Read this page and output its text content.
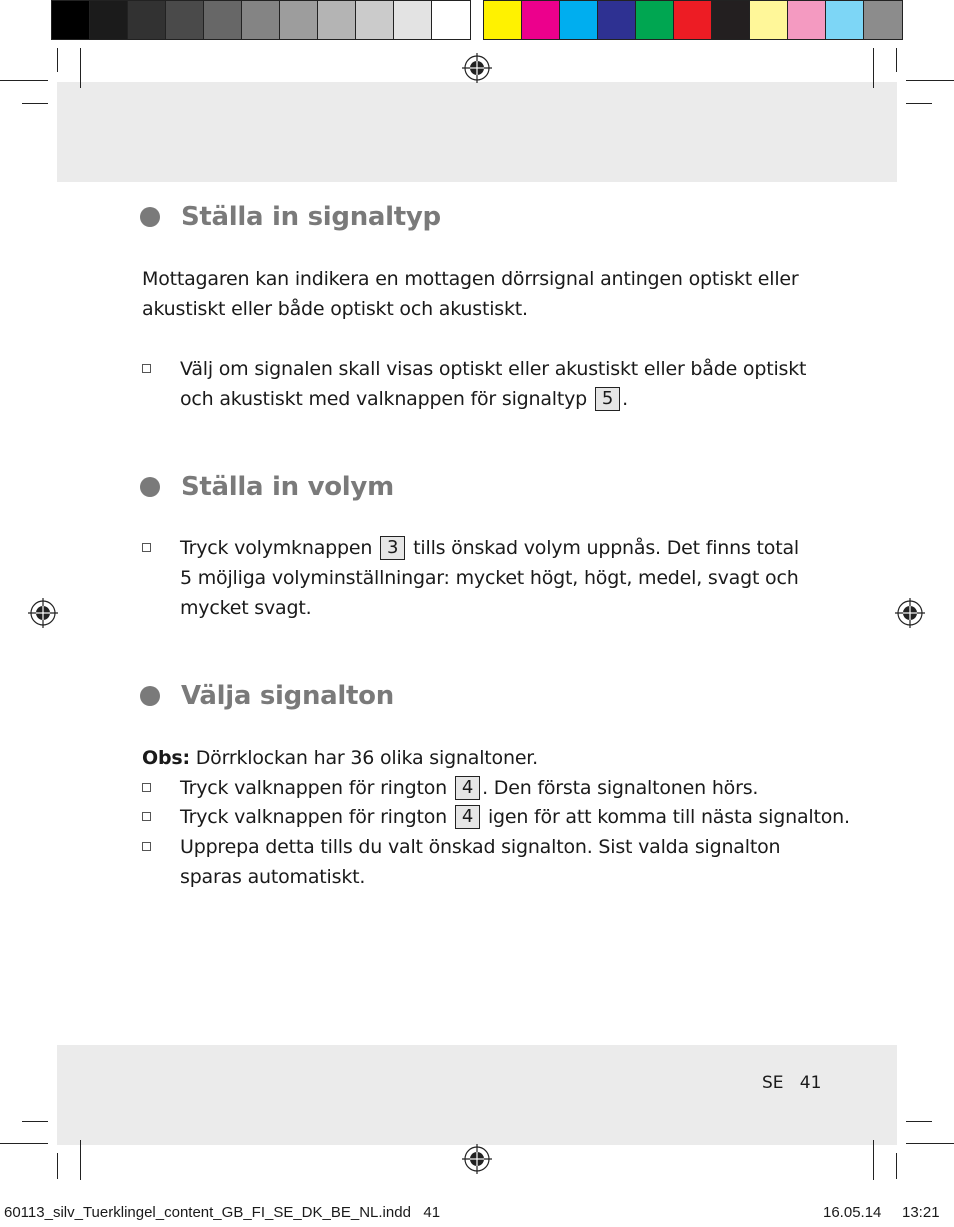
Ställa in signaltyp
Mottagaren kan indikera en mottagen dörrsignal antingen optiskt eller
akustiskt eller både optiskt och akustiskt.
Välj om signalen skall visas optiskt eller akustiskt eller både optiskt
och akustiskt med valknappen för signaltyp 5 .
Ställa in volym
Tryck volymknappen 3 tills önskad volym uppnås. Det finns total
5 möjliga volyminställningar: mycket högt, högt, medel, svagt och
mycket svagt.
Välja signalton
Obs: Dörrklockan har 36 olika signaltoner.
Tryck valknappen för rington 4 . Den första signaltonen hörs.
Tryck valknappen för rington 4 igen för att komma till nästa signalton.
Upprepa detta tills du valt önskad signalton. Sist valda signalton
sparas automatiskt.
SE 41
60113_silv_Tuerklingel_content_GB_FI_SE_DK_BE_NL.indd   41	16.05.14 13:21
